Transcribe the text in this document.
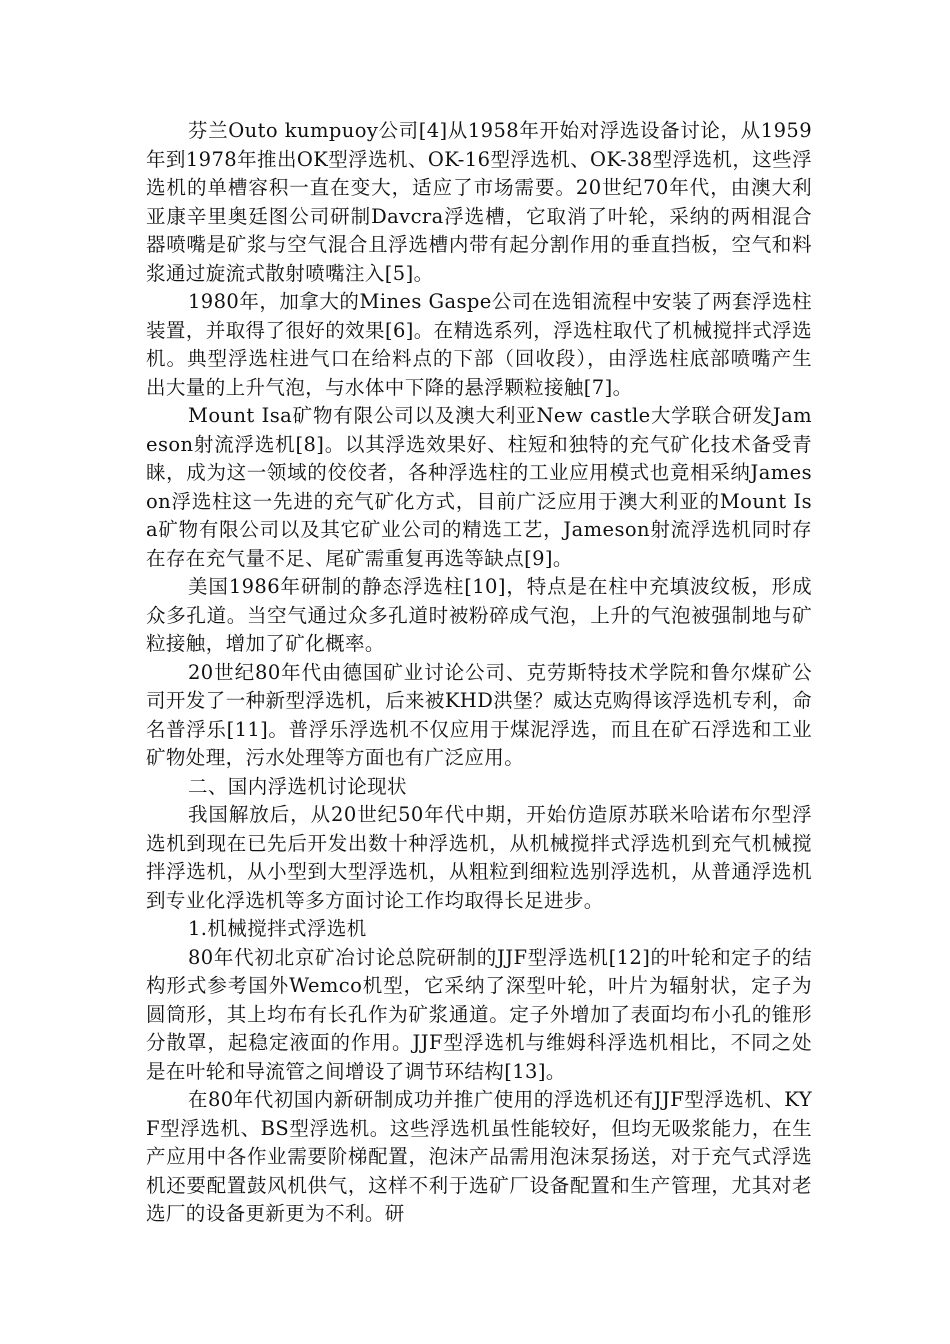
芬兰Outo kumpuoy公司[4]从1958年开始对浮选设备讨论，从1959年到1978年推出OK型浮选机、OK-16型浮选机、OK-38型浮选机，这些浮选机的单槽容积一直在变大，适应了市场需要。20世纪70年代，由澳大利亚康辛里奥廷图公司研制Davcra浮选槽，它取消了叶轮，采纳的两相混合器喷嘴是矿浆与空气混合且浮选槽内带有起分割作用的垂直挡板，空气和料浆通过旋流式散射喷嘴注入[5]。

1980年，加拿大的Mines Gaspe公司在选钼流程中安装了两套浮选柱装置，并取得了很好的效果[6]。在精选系列，浮选柱取代了机械搅拌式浮选机。典型浮选柱进气口在给料点的下部（回收段），由浮选柱底部喷嘴产生出大量的上升气泡，与水体中下降的悬浮颗粒接触[7]。

Mount Isa矿物有限公司以及澳大利亚New castle大学联合研发Jameson射流浮选机[8]。以其浮选效果好、柱短和独特的充气矿化技术备受青睐，成为这一领域的佼佼者，各种浮选柱的工业应用模式也竟相采纳Jameson浮选柱这一先进的充气矿化方式，目前广泛应用于澳大利亚的Mount Isa矿物有限公司以及其它矿业公司的精选工艺，Jameson射流浮选机同时存在存在充气量不足、尾矿需重复再选等缺点[9]。

美国1986年研制的静态浮选柱[10]，特点是在柱中充填波纹板，形成众多孔道。当空气通过众多孔道时被粉碎成气泡，上升的气泡被强制地与矿粒接触，增加了矿化概率。

20世纪80年代由德国矿业讨论公司、克劳斯特技术学院和鲁尔煤矿公司开发了一种新型浮选机，后来被KHD洪堡？威达克购得该浮选机专利，命名普浮乐[11]。普浮乐浮选机不仅应用于煤泥浮选，而且在矿石浮选和工业矿物处理，污水处理等方面也有广泛应用。

二、国内浮选机讨论现状

我国解放后，从20世纪50年代中期，开始仿造原苏联米哈诺布尔型浮选机到现在已先后开发出数十种浮选机，从机械搅拌式浮选机到充气机械搅拌浮选机，从小型到大型浮选机，从粗粒到细粒选别浮选机，从普通浮选机到专业化浮选机等多方面讨论工作均取得长足进步。

1.机械搅拌式浮选机

80年代初北京矿冶讨论总院研制的JJF型浮选机[12]的叶轮和定子的结构形式参考国外Wemco机型，它采纳了深型叶轮，叶片为辐射状，定子为圆筒形，其上均布有长孔作为矿浆通道。定子外增加了表面均布小孔的锥形分散罩，起稳定液面的作用。JJF型浮选机与维姆科浮选机相比，不同之处是在叶轮和导流管之间增设了调节环结构[13]。

在80年代初国内新研制成功并推广使用的浮选机还有JJF型浮选机、KYF型浮选机、BS型浮选机。这些浮选机虽性能较好，但均无吸浆能力，在生产应用中各作业需要阶梯配置，泡沫产品需用泡沫泵扬送，对于充气式浮选机还要配置鼓风机供气，这样不利于选矿厂设备配置和生产管理，尤其对老选厂的设备更新更为不利。研
